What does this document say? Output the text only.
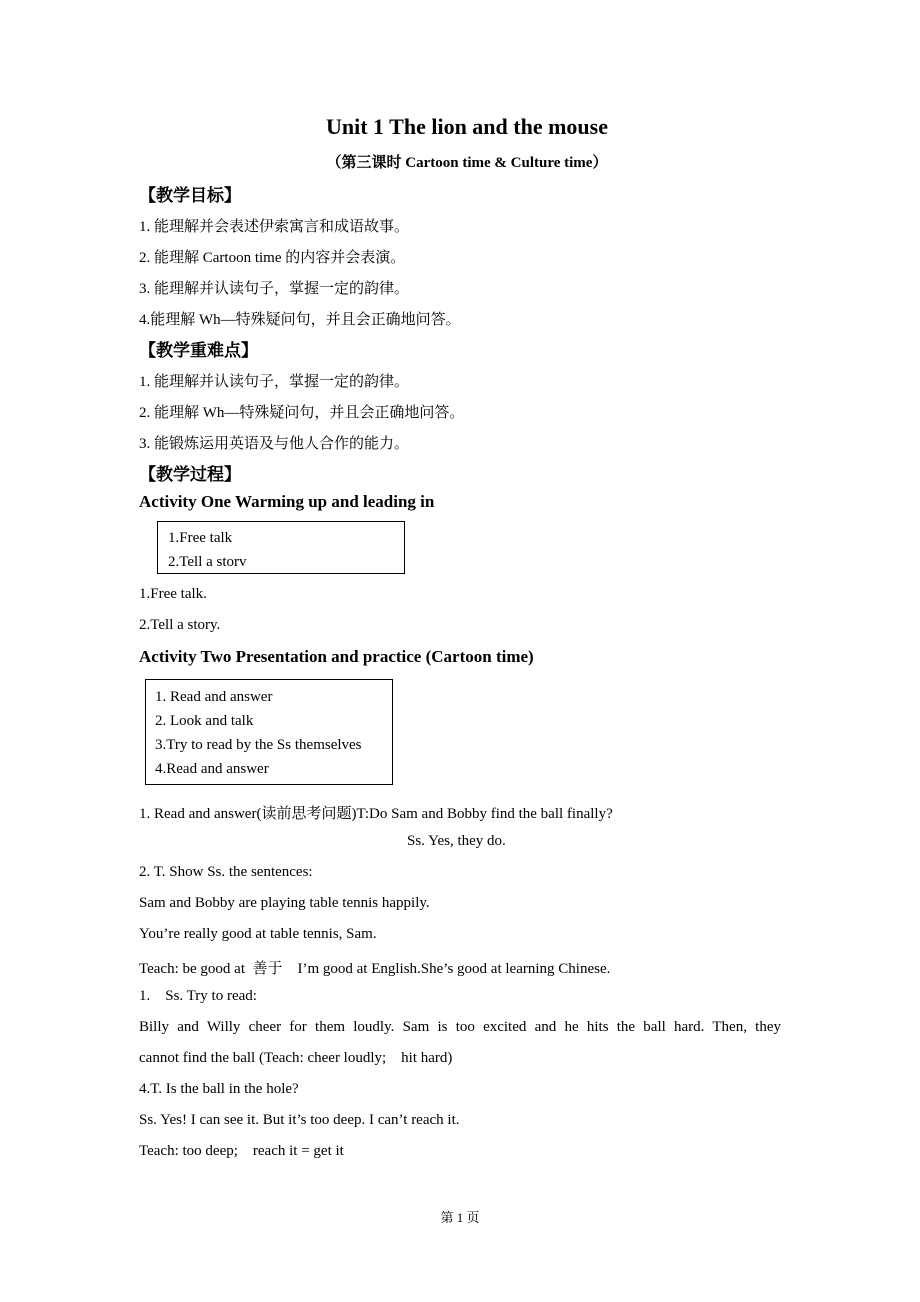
Unit 1 The lion and the mouse
（第三课时 Cartoon time & Culture time）
【教学目标】
1. 能理解并会表述伊索寓言和成语故事。
2. 能理解 Cartoon time 的内容并会表演。
3. 能理解并认读句子，掌握一定的韵律。
4.能理解 Wh—特殊疑问句，并且会正确地问答。
【教学重难点】
1. 能理解并认读句子，掌握一定的韵律。
2. 能理解 Wh—特殊疑问句，并且会正确地问答。
3. 能锻炼运用英语及与他人合作的能力。
【教学过程】
Activity One Warming up and leading in
1.Free talk
2.Tell a storv
1.Free talk.
2.Tell a story.
Activity Two Presentation and practice (Cartoon time)
1. Read and answer
2. Look and talk
3.Try to read by the Ss themselves
4.Read and answer
1. Read and answer(读前思考问题)T:Do Sam and Bobby find the ball finally?
Ss. Yes, they do.
2. T. Show Ss. the sentences:
Sam and Bobby are playing table tennis happily.
You’re really good at table tennis, Sam.
Teach: be good at  善于    I’m good at English.She’s good at learning Chinese.
1.    Ss. Try to read:
Billy and Willy cheer for them loudly. Sam is too excited and he hits the ball hard. Then, they
cannot find the ball (Teach: cheer loudly;    hit hard)
4.T. Is the ball in the hole?
Ss. Yes! I can see it. But it’s too deep. I can’t reach it.
Teach: too deep;    reach it = get it
第 1 页
